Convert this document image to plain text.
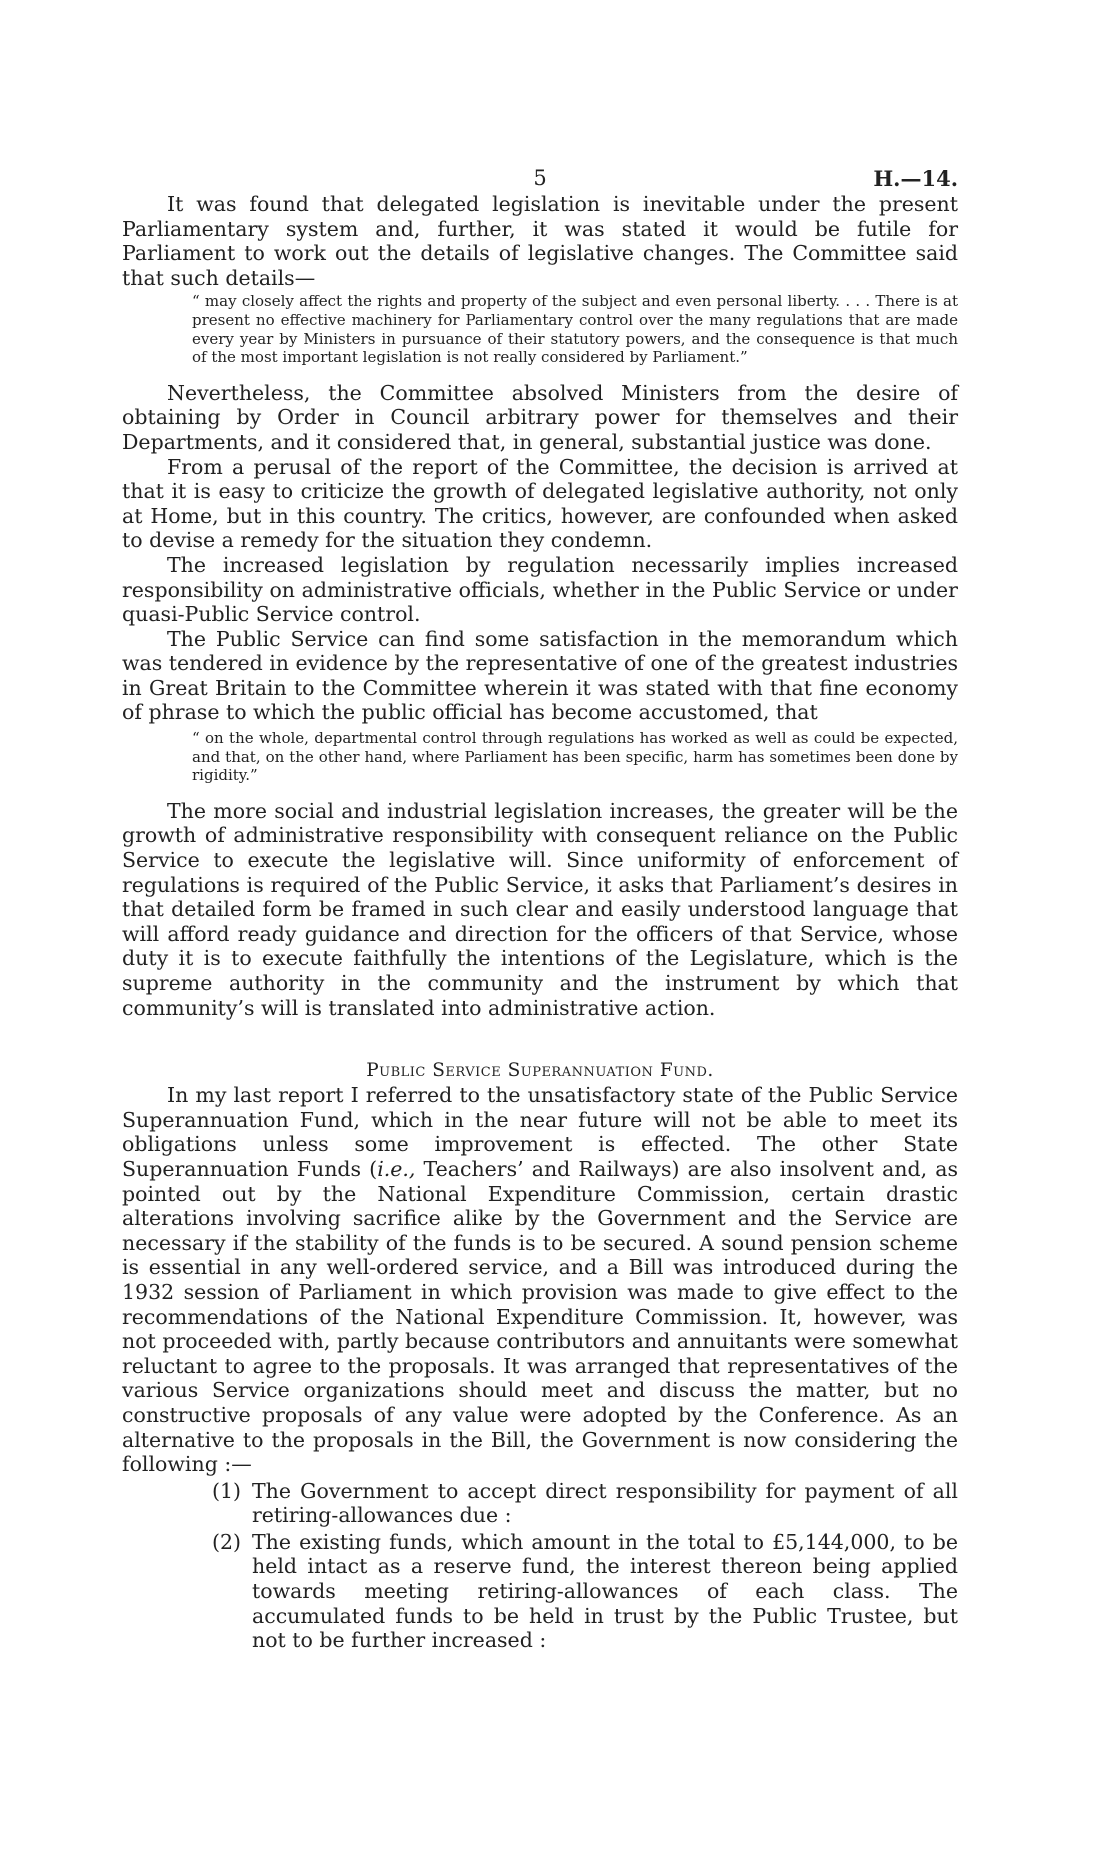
5	H.—14.

It was found that delegated legislation is inevitable under the present Parliamentary system and, further, it was stated it would be futile for Parliament to work out the details of legislative changes. The Committee said that such details—

“ may closely affect the rights and property of the subject and even personal liberty. . . . There is at present no effective machinery for Parliamentary control over the many regulations that are made every year by Ministers in pursuance of their statutory powers, and the consequence is that much of the most important legislation is not really considered by Parliament.”

Nevertheless, the Committee absolved Ministers from the desire of obtaining by Order in Council arbitrary power for themselves and their Departments, and it considered that, in general, substantial justice was done.

From a perusal of the report of the Committee, the decision is arrived at that it is easy to criticize the growth of delegated legislative authority, not only at Home, but in this country. The critics, however, are confounded when asked to devise a remedy for the situation they condemn.

The increased legislation by regulation necessarily implies increased responsibility on administrative officials, whether in the Public Service or under quasi-Public Service control.

The Public Service can find some satisfaction in the memorandum which was tendered in evidence by the representative of one of the greatest industries in Great Britain to the Committee wherein it was stated with that fine economy of phrase to which the public official has become accustomed, that

“ on the whole, departmental control through regulations has worked as well as could be expected, and that, on the other hand, where Parliament has been specific, harm has sometimes been done by rigidity.”

The more social and industrial legislation increases, the greater will be the growth of administrative responsibility with consequent reliance on the Public Service to execute the legislative will. Since uniformity of enforcement of regulations is required of the Public Service, it asks that Parliament’s desires in that detailed form be framed in such clear and easily understood language that will afford ready guidance and direction for the officers of that Service, whose duty it is to execute faithfully the intentions of the Legislature, which is the supreme authority in the community and the instrument by which that community’s will is translated into administrative action.

Public Service Superannuation Fund.

In my last report I referred to the unsatisfactory state of the Public Service Superannuation Fund, which in the near future will not be able to meet its obligations unless some improvement is effected. The other State Superannuation Funds (i.e., Teachers’ and Railways) are also insolvent and, as pointed out by the National Expenditure Commission, certain drastic alterations involving sacrifice alike by the Government and the Service are necessary if the stability of the funds is to be secured. A sound pension scheme is essential in any well-ordered service, and a Bill was introduced during the 1932 session of Parliament in which provision was made to give effect to the recommendations of the National Expenditure Commission. It, however, was not proceeded with, partly because contributors and annuitants were somewhat reluctant to agree to the proposals. It was arranged that representatives of the various Service organizations should meet and discuss the matter, but no constructive proposals of any value were adopted by the Conference. As an alternative to the proposals in the Bill, the Government is now considering the following :—

(1) The Government to accept direct responsibility for payment of all retiring-allowances due :
(2) The existing funds, which amount in the total to £5,144,000, to be held intact as a reserve fund, the interest thereon being applied towards meeting retiring-allowances of each class. The accumulated funds to be held in trust by the Public Trustee, but not to be further increased :
